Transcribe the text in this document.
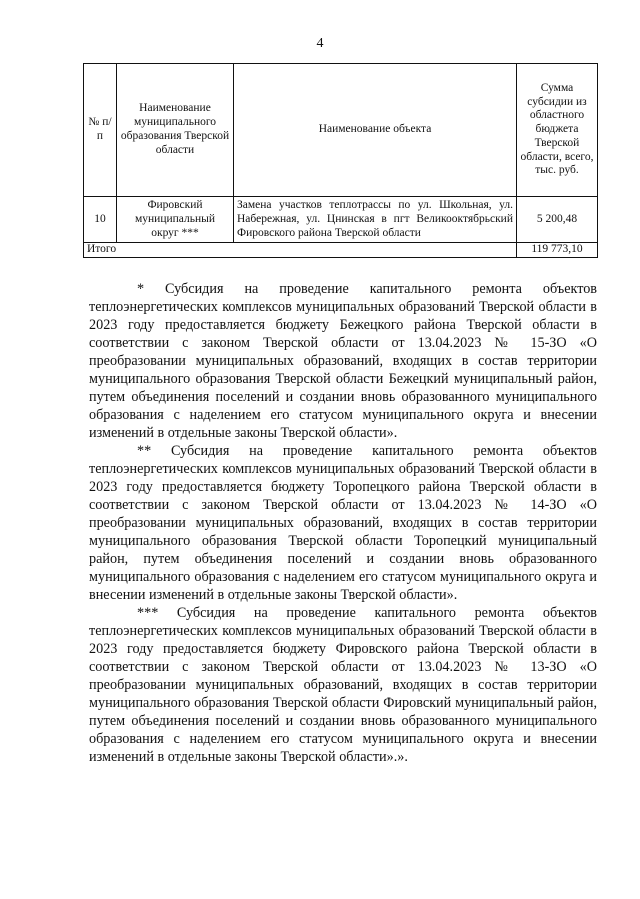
4
№ п/п	Наименование муниципального образования Тверской области	Наименование объекта	Сумма субсидии из областного бюджета Тверской области, всего, тыс. руб.
10	Фировский муниципальный округ ***	Замена участков теплотрассы по ул. Школьная, ул. Набережная, ул. Цнинская в пгт Великооктябрьский Фировского района Тверской области	5 200,48
Итого			119 773,10

* Субсидия на проведение капитального ремонта объектов теплоэнергетических комплексов муниципальных образований Тверской области в 2023 году предоставляется бюджету Бежецкого района Тверской области в соответствии с законом Тверской области от 13.04.2023 № 15-ЗО «О преобразовании муниципальных образований, входящих в состав территории муниципального образования Тверской области Бежецкий муниципальный район, путем объединения поселений и создании вновь образованного муниципального образования с наделением его статусом муниципального округа и внесении изменений в отдельные законы Тверской области».

** Субсидия на проведение капитального ремонта объектов теплоэнергетических комплексов муниципальных образований Тверской области в 2023 году предоставляется бюджету Торопецкого района Тверской области в соответствии с законом Тверской области от 13.04.2023 № 14-ЗО «О преобразовании муниципальных образований, входящих в состав территории муниципального образования Тверской области Торопецкий муниципальный район, путем объединения поселений и создании вновь образованного муниципального образования с наделением его статусом муниципального округа и внесении изменений в отдельные законы Тверской области».

*** Субсидия на проведение капитального ремонта объектов теплоэнергетических комплексов муниципальных образований Тверской области в 2023 году предоставляется бюджету Фировского района Тверской области в соответствии с законом Тверской области от 13.04.2023 № 13-ЗО «О преобразовании муниципальных образований, входящих в состав территории муниципального образования Тверской области Фировский муниципальный район, путем объединения поселений и создании вновь образованного муниципального образования с наделением его статусом муниципального округа и внесении изменений в отдельные законы Тверской области».».
